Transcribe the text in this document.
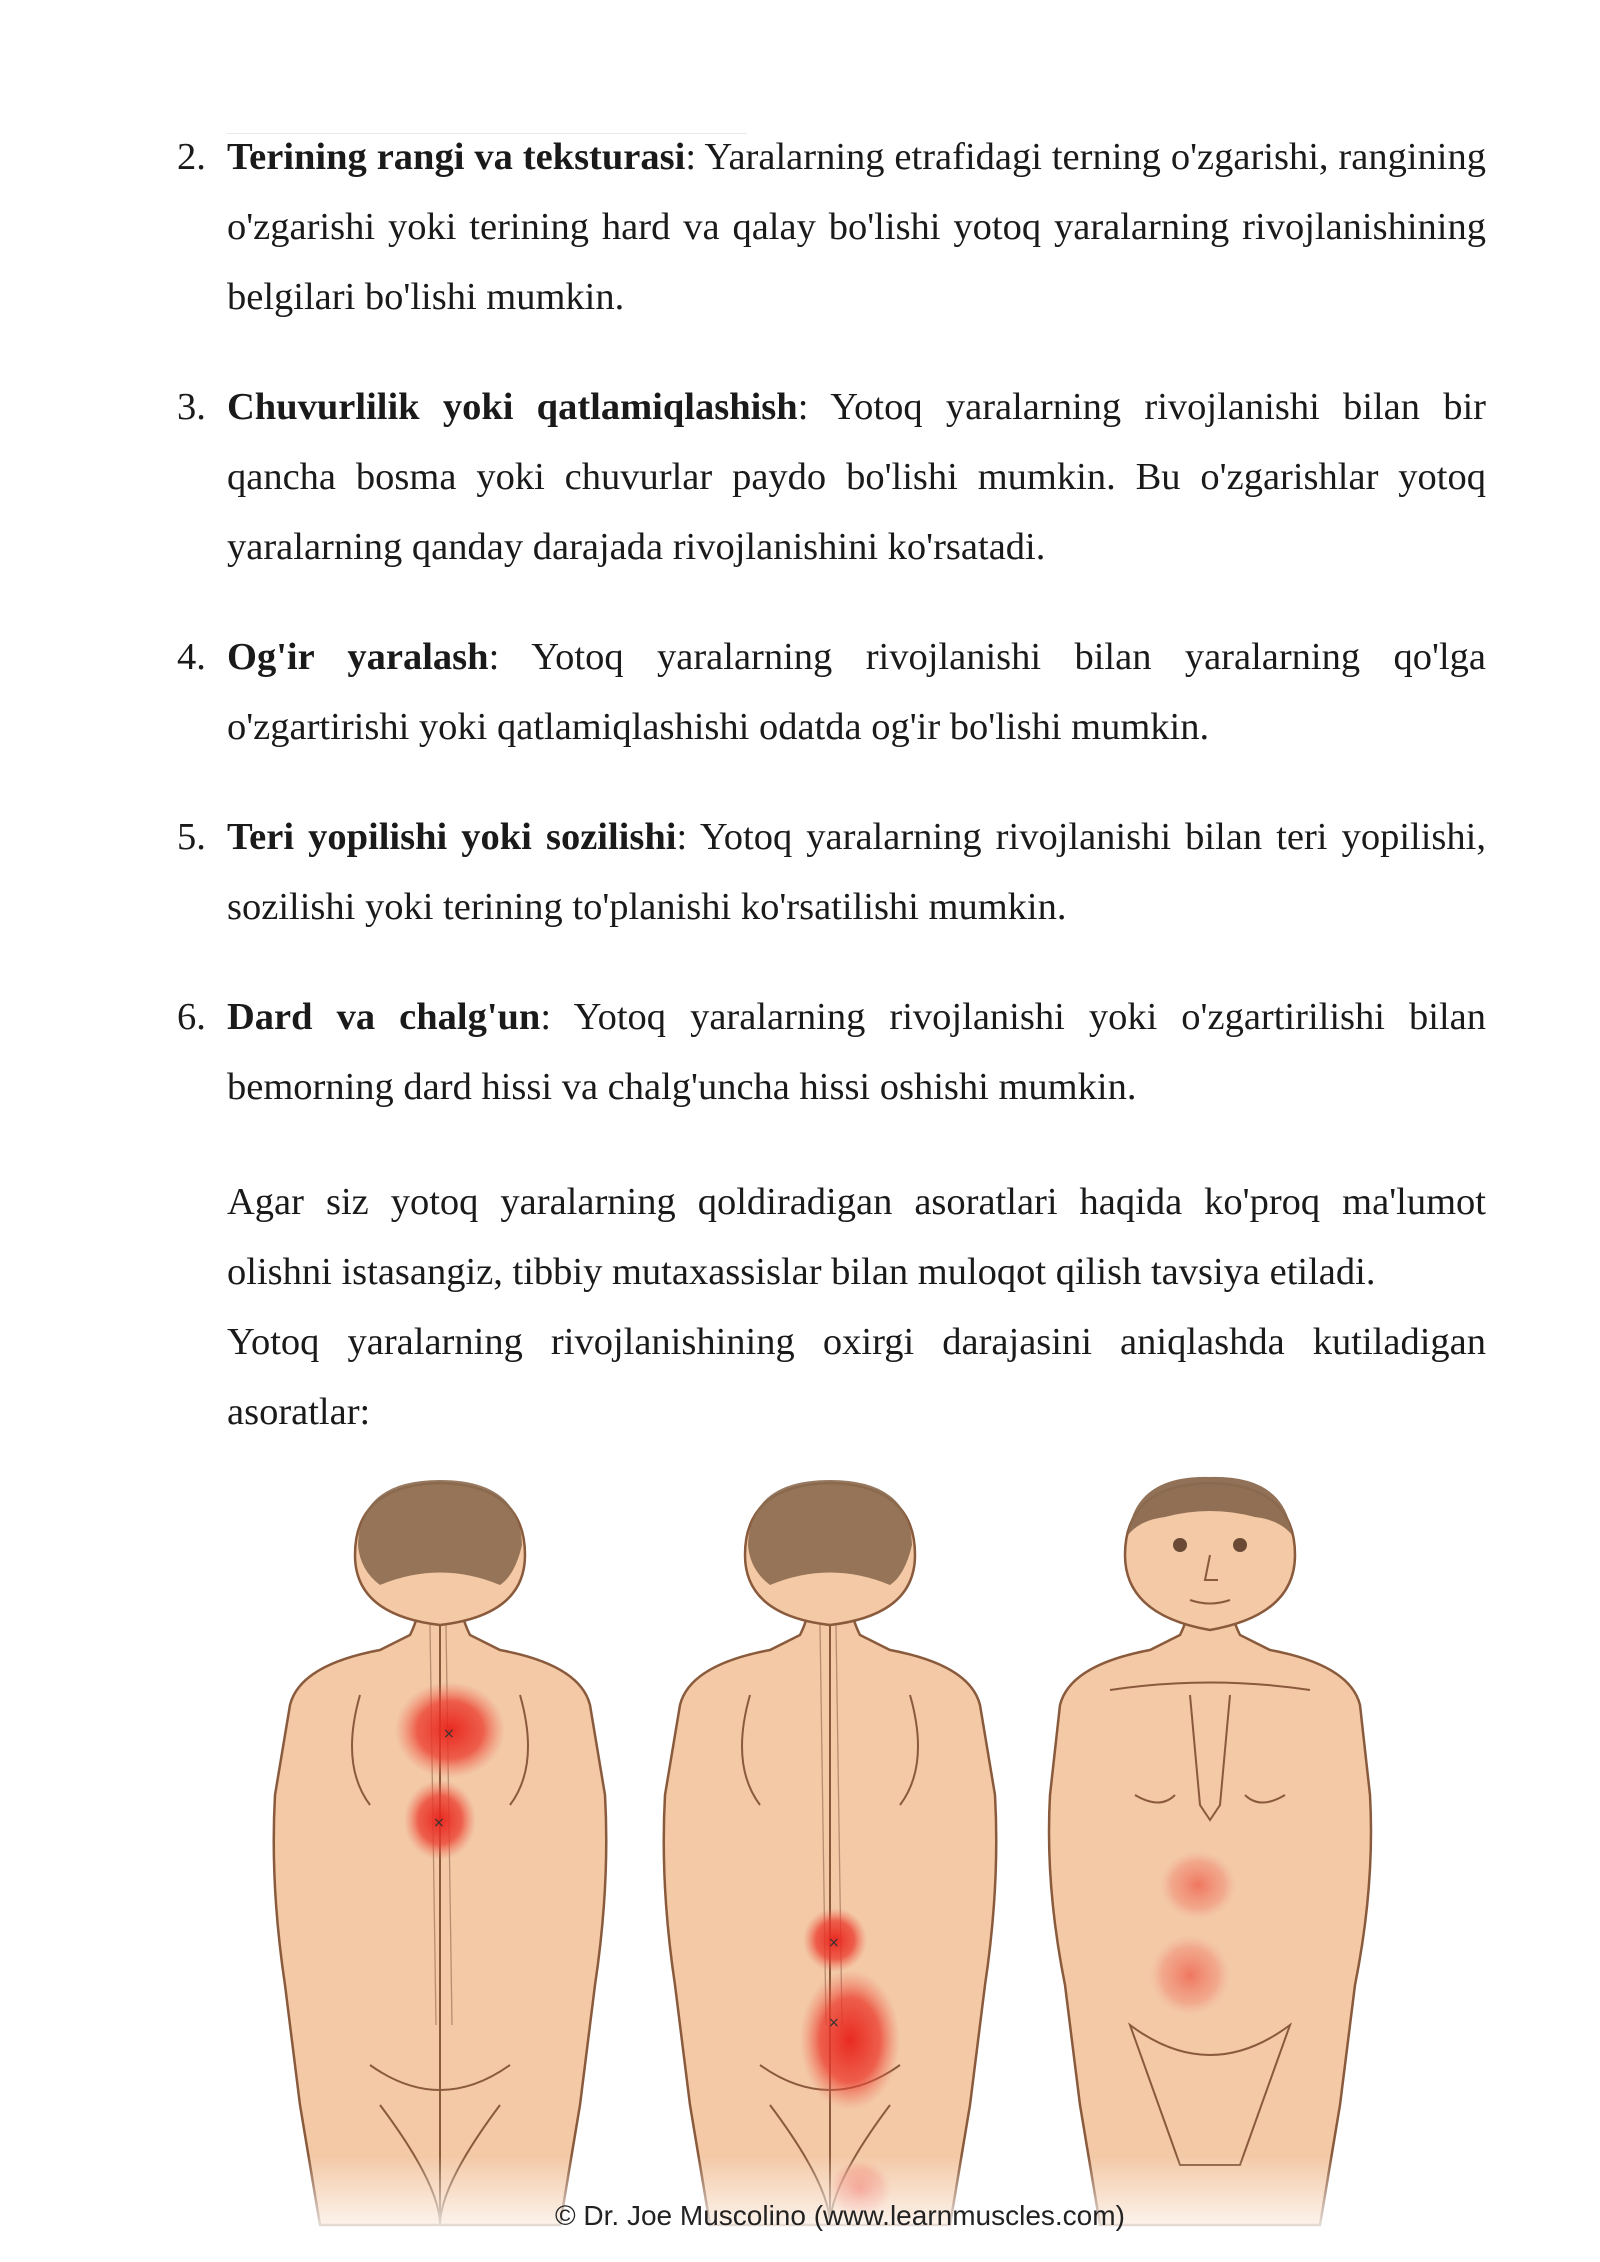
2. Terining rangi va teksturasi: Yaralarning etrafidagi terning o'zgarishi, rangining o'zgarishi yoki terining hard va qalay bo'lishi yotoq yaralarning rivojlanishining belgilari bo'lishi mumkin.
3. Chuvurlilik yoki qatlamiqlashish: Yotoq yaralarning rivojlanishi bilan bir qancha bosma yoki chuvurlar paydo bo'lishi mumkin. Bu o'zgarishlar yotoq yaralarning qanday darajada rivojlanishini ko'rsatadi.
4. Og'ir yaralash: Yotoq yaralarning rivojlanishi bilan yaralarning qo'lga o'zgartirishi yoki qatlamiqlashishi odatda og'ir bo'lishi mumkin.
5. Teri yopilishi yoki sozilishi: Yotoq yaralarning rivojlanishi bilan teri yopilishi, sozilishi yoki terining to'planishi ko'rsatilishi mumkin.
6. Dard va chalg'un: Yotoq yaralarning rivojlanishi yoki o'zgartirilishi bilan bemorning dard hissi va chalg'uncha hissi oshishi mumkin.
Agar siz yotoq yaralarning qoldiradigan asoratlari haqida ko'proq ma'lumot olishni istasangiz, tibbiy mutaxassislar bilan muloqot qilish tavsiya etiladi.
Yotoq yaralarning rivojlanishining oxirgi darajasini aniqlashda kutiladigan asoratlar:
×
×
×
×
© Dr. Joe Muscolino (www.learnmuscles.com)
